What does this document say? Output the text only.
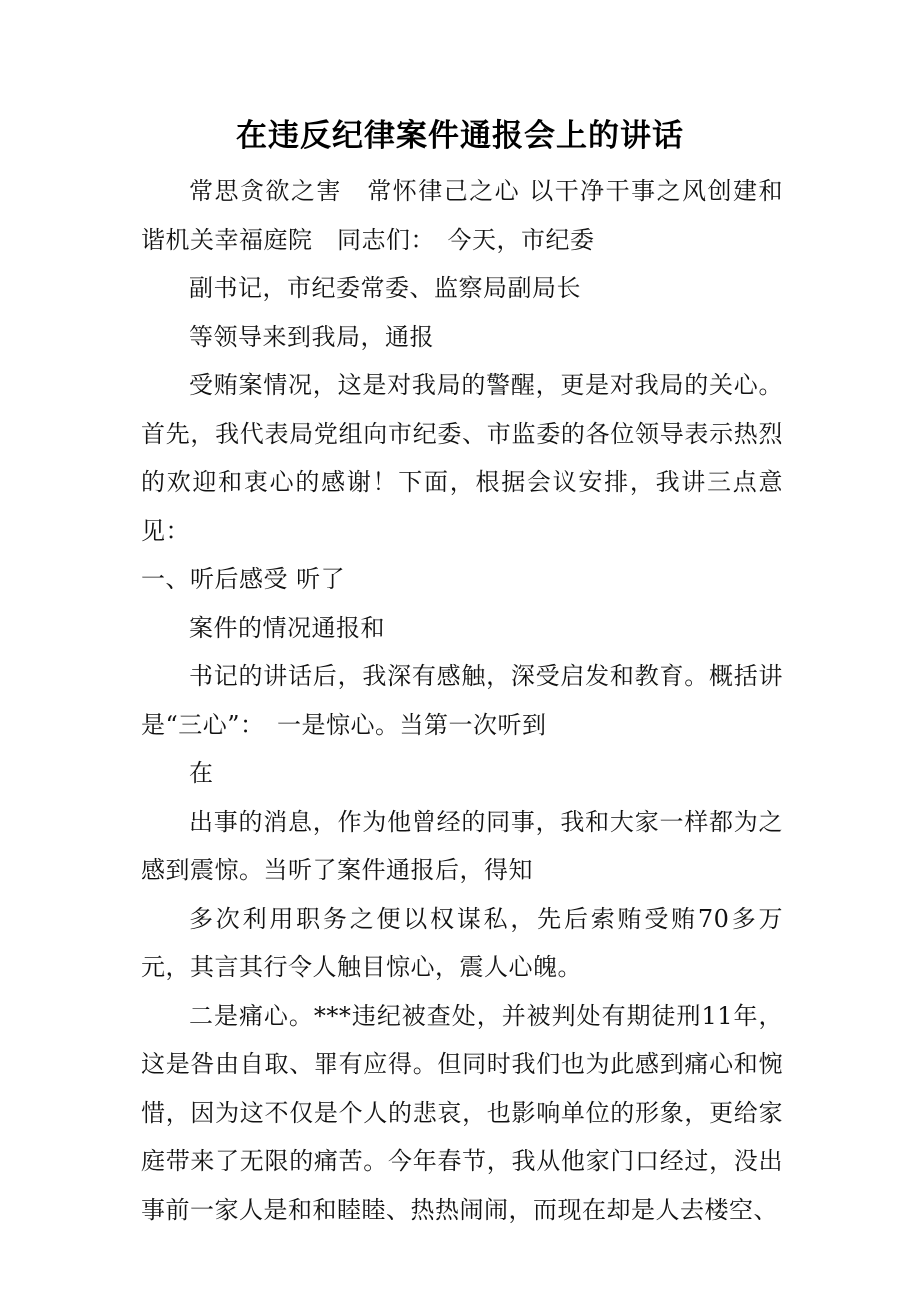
在违反纪律案件通报会上的讲话

常思贪欲之害　常怀律己之心 以干净干事之风创建和谐机关幸福庭院　同志们：　今天，市纪委

副书记，市纪委常委、监察局副局长

等领导来到我局，通报

受贿案情况，这是对我局的警醒，更是对我局的关心。首先，我代表局党组向市纪委、市监委的各位领导表示热烈的欢迎和衷心的感谢！下面，根据会议安排，我讲三点意见：

一、听后感受 听了

案件的情况通报和

书记的讲话后，我深有感触，深受启发和教育。概括讲是“三心”：　一是惊心。当第一次听到

在

出事的消息，作为他曾经的同事，我和大家一样都为之感到震惊。当听了案件通报后，得知

多次利用职务之便以权谋私，先后索贿受贿70多万元，其言其行令人触目惊心，震人心魄。

二是痛心。***违纪被查处，并被判处有期徒刑11年，这是咎由自取、罪有应得。但同时我们也为此感到痛心和惋惜，因为这不仅是个人的悲哀，也影响单位的形象，更给家庭带来了无限的痛苦。今年春节，我从他家门口经过，没出事前一家人是和和睦睦、热热闹闹，而现在却是人去楼空、
